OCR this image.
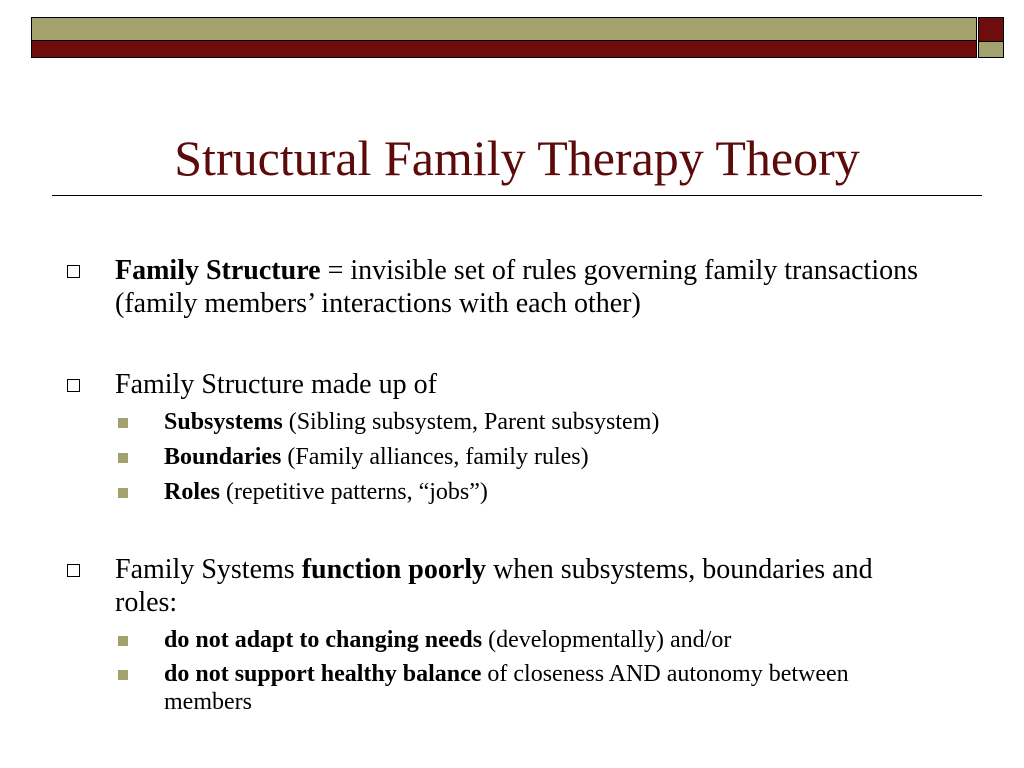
Structural Family Therapy Theory
Family Structure = invisible set of rules governing family transactions (family members’ interactions with each other)
Family Structure made up of
Subsystems (Sibling subsystem, Parent subsystem)
Boundaries (Family alliances, family rules)
Roles (repetitive patterns, “jobs”)
Family Systems function poorly when subsystems, boundaries and roles:
do not adapt to changing needs (developmentally) and/or
do not support healthy balance of closeness AND autonomy between members
